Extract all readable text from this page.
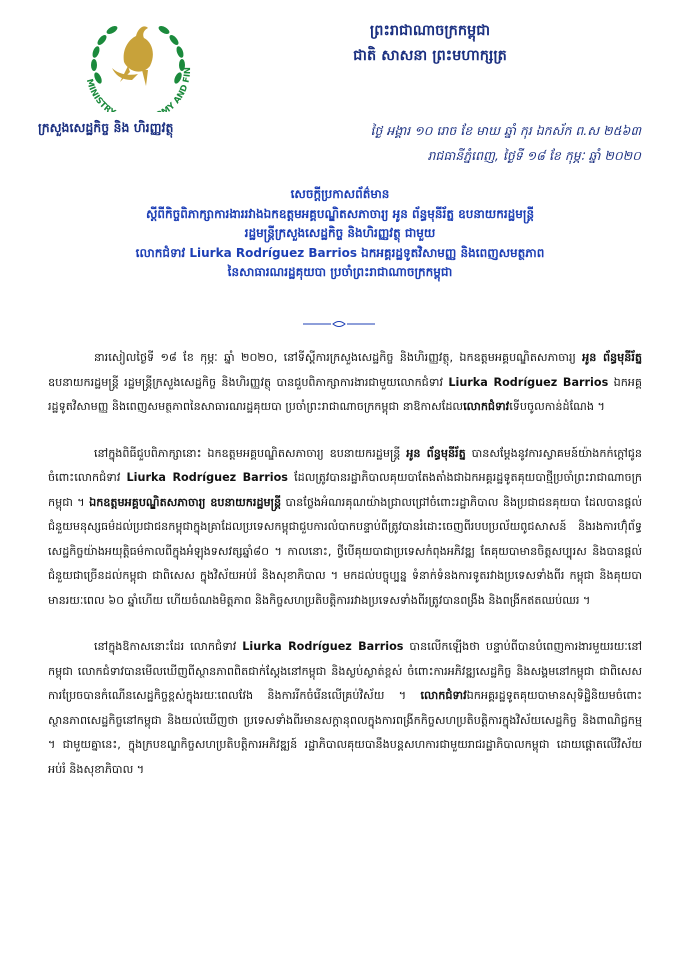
MINISTR MY AND FIN
ក្រសួងសេដ្ឋកិច្ច និង ហិរញ្ញវត្ថុ
ព្រះរាជាណាចក្រកម្ពុជា
ជាតិ សាសនា ព្រះមហាក្សត្រ
ថ្ងៃ អង្គារ ១០ រោច ខែ មាឃ ឆ្នាំ កុរ ឯកស័ក ព.ស ២៥៦៣
រាជធានីភ្នំពេញ, ថ្ងៃទី ១៨ ខែ កុម្ភៈ ឆ្នាំ ២០២០
សេចក្តីប្រកាសព័ត៌មាន
ស្តីពីកិច្ចពិភាក្សាការងាររវាងឯកឧត្តមអគ្គបណ្ឌិតសភាចារ្យ អូន ព័ន្ធមុនីរ័ត្ន ឧបនាយករដ្ឋមន្ត្រី
រដ្ឋមន្ត្រីក្រសួងសេដ្ឋកិច្ច និងហិរញ្ញវត្ថុ ជាមួយ
លោកជំទាវ Liurka Rodríguez Barrios ឯកអគ្គរដ្ឋទូតវិសាមញ្ញ និងពេញសមត្ថភាព
នៃសាធារណរដ្ឋគុយបា ប្រចាំព្រះរាជាណាចក្រកម្ពុជា

នារសៀលថ្ងៃទី ១៨ ខែ កុម្ភៈ ឆ្នាំ ២០២០, នៅទីស្តីការក្រសួងសេដ្ឋកិច្ច និងហិរញ្ញវត្ថុ, ឯកឧត្តមអគ្គបណ្ឌិតសភាចារ្យ អូន ព័ន្ធមុនីរ័ត្ន ឧបនាយករដ្ឋមន្ត្រី រដ្ឋមន្ត្រីក្រសួងសេដ្ឋកិច្ច និងហិរញ្ញវត្ថុ បានជួបពិភាក្សាការងារជាមួយលោកជំទាវ Liurka Rodríguez Barrios ឯកអគ្គរដ្ឋទូតវិសាមញ្ញ និងពេញសមត្ថភាពនៃសាធារណរដ្ឋគុយបា ប្រចាំព្រះរាជាណាចក្រកម្ពុជា នាឱកាសដែលលោកជំទាវទើបចូលកាន់ដំណែង ។

នៅក្នុងពិធីជួបពិភាក្សានោះ ឯកឧត្តមអគ្គបណ្ឌិតសភាចារ្យ ឧបនាយករដ្ឋមន្ត្រី អូន ព័ន្ធមុនីរ័ត្ន បានសម្តែងនូវការស្វាគមន៍យ៉ាងកក់ក្តៅជូនចំពោះលោកជំទាវ Liurka Rodríguez Barrios ដែលត្រូវបានរដ្ឋាភិបាលគុយបាតែងតាំងជាឯកអគ្គរដ្ឋទូតគុយបាថ្មីប្រចាំព្រះរាជាណាចក្រកម្ពុជា ។ ឯកឧត្តមអគ្គបណ្ឌិតសភាចារ្យ ឧបនាយករដ្ឋមន្ត្រី បានថ្លែងអំណរគុណយ៉ាងជ្រាលជ្រៅចំពោះរដ្ឋាភិបាល និងប្រជាជនគុយបា ដែលបានផ្តល់ជំនួយមនុស្សធម៌ដល់ប្រជាជនកម្ពុជាក្នុងគ្រាដែលប្រទេសកម្ពុជាជួបការលំបាកបន្ទាប់ពីត្រូវបានរំដោះចេញពីរបបប្រល័យពូជសាសន៍ និងរងការហ៊ុំព័ទ្ធសេដ្ឋកិច្ចយ៉ាងអយុត្តិធម៌កាលពីក្នុងអំឡុងទសវត្សឆ្នាំ៨០ ។ កាលនោះ, ថ្វីបើគុយបាជាប្រទេសកំពុងអភិវឌ្ឍ តែគុយបាមានចិត្តសប្បុរស និងបានផ្តល់ជំនួយជាច្រើនដល់កម្ពុជា ជាពិសេស ក្នុងវិស័យអប់រំ និងសុខាភិបាល ។ មកដល់បច្ចុប្បន្ន ទំនាក់ទំនងការទូតរវាងប្រទេសទាំងពីរ កម្ពុជា និងគុយបា មានរយៈពេល ៦០ ឆ្នាំហើយ ហើយចំណងមិត្តភាព និងកិច្ចសហប្រតិបត្តិការរវាងប្រទេសទាំងពីរត្រូវបានពង្រឹង និងពង្រីកឥតឈប់ឈរ ។

នៅក្នុងឱកាសនោះដែរ លោកជំទាវ Liurka Rodríguez Barrios បានលើកឡើងថា បន្ទាប់ពីបានបំពេញការងារមួយរយៈនៅកម្ពុជា លោកជំទាវបានមើលឃើញពីស្ថានភាពពិតជាក់ស្តែងនៅកម្ពុជា និងស្ងប់ស្ងាត់ខ្ពស់ ចំពោះការអភិវឌ្ឍសេដ្ឋកិច្ច និងសង្គមនៅកម្ពុជា ជាពិសេស ការប្រែចបានកំណើនសេដ្ឋកិច្ចខ្ពស់ក្នុងរយៈពេលវែង និងការរីកចំរើនលើគ្រប់វិស័យ ។ លោកជំទាវឯកអគ្គរដ្ឋទូតគុយបាមានសុទិដ្ឋិនិយមចំពោះស្ថានភាពសេដ្ឋកិច្ចនៅកម្ពុជា និងយល់ឃើញថា ប្រទេសទាំងពីរមានសក្តានុពលក្នុងការពង្រីកកិច្ចសហប្រតិបត្តិការក្នុងវិស័យសេដ្ឋកិច្ច និងពាណិជ្ជកម្ម ។ ជាមួយគ្នានេះ, ក្នុងក្របខណ្ឌកិច្ចសហប្រតិបត្តិការអភិវឌ្ឍន៍ រដ្ឋាភិបាលគុយបានឹងបន្តសហការជាមួយរាជរដ្ឋាភិបាលកម្ពុជា ដោយផ្តោតលើវិស័យអប់រំ និងសុខាភិបាល ។
